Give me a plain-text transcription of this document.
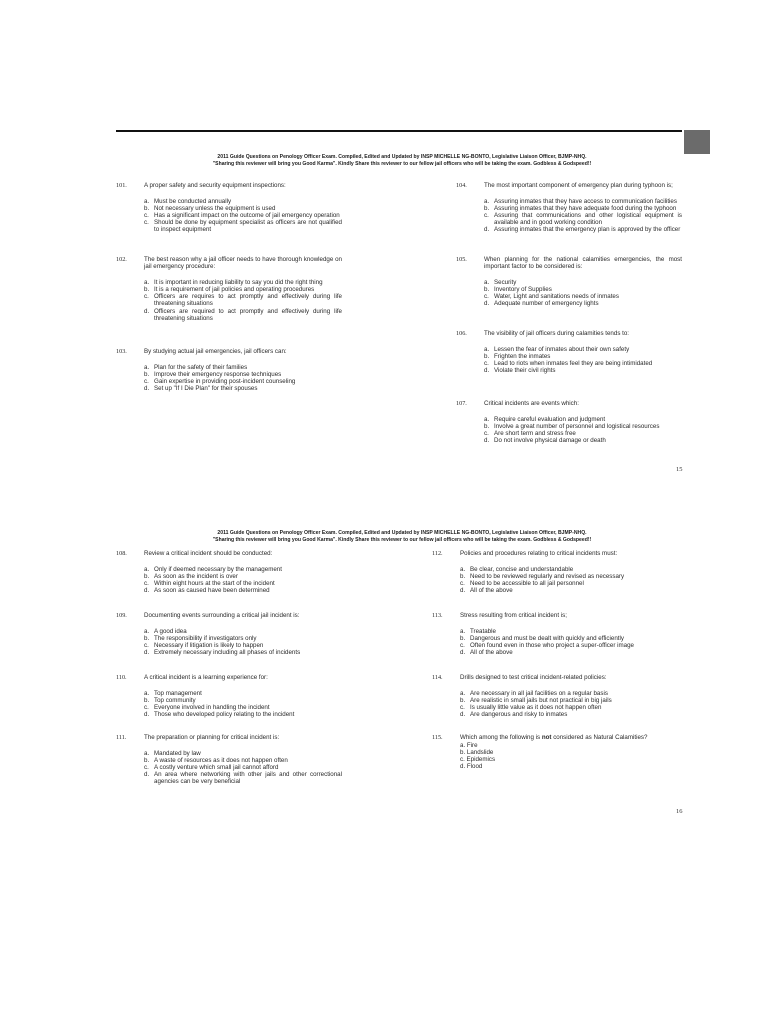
2011 Guide Questions on Penology Officer Exam. Compiled, Edited and Updated by INSP MICHELLE NG-BONTO, Legislative Liaison Officer, BJMP-NHQ.
"Sharing this reviewer will bring you Good Karma". Kindly Share this reviewer to our fellow jail officers who will be taking the exam. Godbless & Godspeed!!
101.	A proper safety and security equipment inspections:
a. Must be conducted annually
b. Not necessary unless the equipment is used
c. Has a significant impact on the outcome of jail emergency operation
c. Should be done by equipment specialist as officers are not qualified to inspect equipment
102.	The best reason why a jail officer needs to have thorough knowledge on jail emergency procedure:
a. It is important in reducing liability to say you did the right thing
b. It is a requirement of jail policies and operating procedures
c. Officers are requires to act promptly and effectively during life threatening situations
d. Officers are required to act promptly and effectively during life threatening situations
103.	By studying actual jail emergencies, jail officers can:
a. Plan for the safety of their families
b. Improve their emergency response techniques
c. Gain expertise in providing post-incident counseling
d. Set up "If I Die Plan" for their spouses
104.	The most important component of emergency plan during typhoon is;
a. Assuring inmates that they have access to communication facilities
b. Assuring inmates that they have adequate food during the typhoon
c. Assuring that communications and other logistical equipment is available and in good working condition
d. Assuring inmates that the emergency plan is approved by the officer
105.	When planning for the national calamities emergencies, the most important factor to be considered is:
a. Security
b. Inventory of Supplies
c. Water, Light and sanitations needs of inmates
d. Adequate number of emergency lights
106.	The visibility of jail officers during calamities tends to:
a. Lessen the fear of inmates about their own safety
b. Frighten the inmates
c. Lead to riots when inmates feel they are being intimidated
d. Violate their civil rights
107.	Critical incidents are events which:
a. Require careful evaluation and judgment
b. Involve a great number of personnel and logistical resources
c. Are short term and stress free
d. Do not involve physical damage or death
15
2011 Guide Questions on Penology Officer Exam. Compiled, Edited and Updated by INSP MICHELLE NG-BONTO, Legislative Liaison Officer, BJMP-NHQ.
"Sharing this reviewer will bring you Good Karma". Kindly Share this reviewer to our fellow jail officers who will be taking the exam. Godbless & Godspeed!!
108.	Review a critical incident should be conducted:
a. Only if deemed necessary by the management
b. As soon as the incident is over
c. Within eight hours at the start of the incident
d. As soon as caused have been determined
109.	Documenting events surrounding a critical jail incident is:
a. A good idea
b. The responsibility if investigators only
c. Necessary if litigation is likely to happen
d. Extremely necessary including all phases of incidents
110.	A critical incident is a learning experience for:
a. Top management
b. Top community
c. Everyone involved in handling the incident
d. Those who developed policy relating to the incident
111.	The preparation or planning for critical incident is:
a. Mandated by law
b. A waste of resources as it does not happen often
c. A costly venture which small jail cannot afford
d. An area where networking with other jails and other correctional agencies can be very beneficial
112.	Policies and procedures relating to critical incidents must:
a. Be clear, concise and understandable
b. Need to be reviewed regularly and revised as necessary
c. Need to be accessible to all jail personnel
d. All of the above
113.	Stress resulting from critical incident is;
a. Treatable
b. Dangerous and must be dealt with quickly and efficiently
c. Often found even in those who project a super-officer image
d. All of the above
114.	Drills designed to test critical incident-related policies:
a. Are necessary in all jail facilities on a regular basis
b. Are realistic in small jails but not practical in big jails
c. Is usually little value as it does not happen often
d. Are dangerous and risky to inmates
115.	Which among the following is not considered as Natural Calamities?
a. Fire
b. Landslide
c. Epidemics
d. Flood
16
